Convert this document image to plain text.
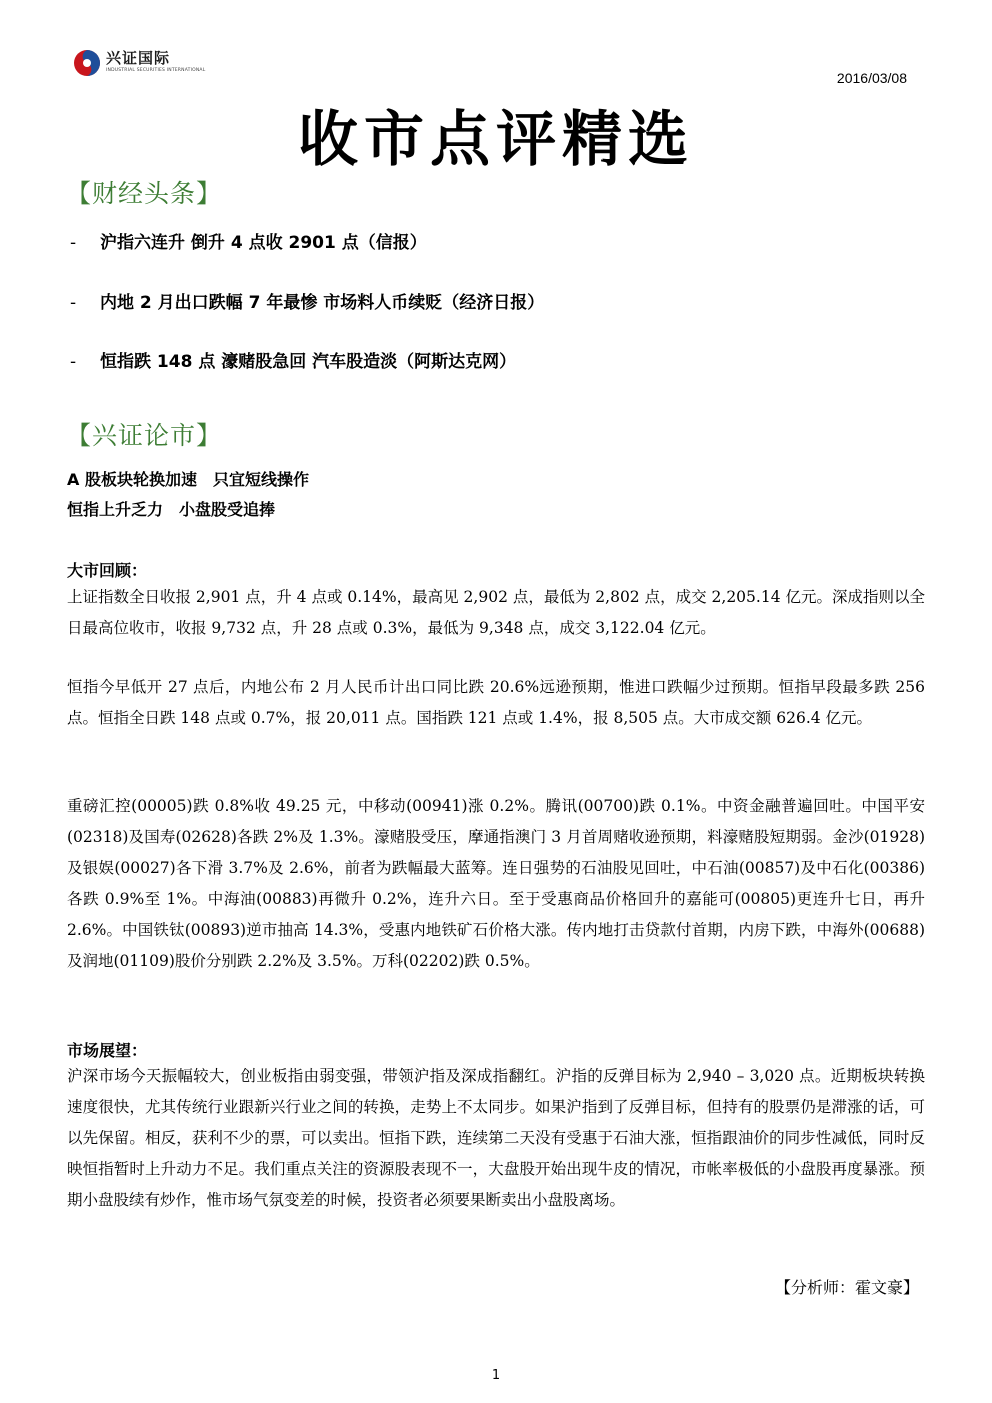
兴证国际
INDUSTRIAL SECURITIES INTERNATIONAL	2016/03/08
收市点评精选
【财经头条】
- 沪指六连升 倒升 4 点收 2901 点（信报）
- 内地 2 月出口跌幅 7 年最惨 市场料人币续贬（经济日报）
- 恒指跌 148 点 濠赌股急回 汽车股造淡（阿斯达克网）
【兴证论市】
A 股板块轮换加速　只宜短线操作
恒指上升乏力　小盘股受追捧
大市回顾：
上证指数全日收报 2,901 点，升 4 点或 0.14%，最高见 2,902 点，最低为 2,802 点，成交 2,205.14 亿元。深成指则以全日最高位收市，收报 9,732 点，升 28 点或 0.3%，最低为 9,348 点，成交 3,122.04 亿元。
恒指今早低开 27 点后，内地公布 2 月人民币计出口同比跌 20.6%远逊预期，惟进口跌幅少过预期。恒指早段最多跌 256 点。恒指全日跌 148 点或 0.7%，报 20,011 点。国指跌 121 点或 1.4%，报 8,505 点。大市成交额 626.4 亿元。
重磅汇控(00005)跌 0.8%收 49.25 元，中移动(00941)涨 0.2%。腾讯(00700)跌 0.1%。中资金融普遍回吐。中国平安(02318)及国寿(02628)各跌 2%及 1.3%。濠赌股受压，摩通指澳门 3 月首周赌收逊预期，料濠赌股短期弱。金沙(01928)及银娱(00027)各下滑 3.7%及 2.6%，前者为跌幅最大蓝筹。连日强势的石油股见回吐，中石油(00857)及中石化(00386)各跌 0.9%至 1%。中海油(00883)再微升 0.2%，连升六日。至于受惠商品价格回升的嘉能可(00805)更连升七日，再升 2.6%。中国铁钛(00893)逆市抽高 14.3%，受惠内地铁矿石价格大涨。传内地打击贷款付首期，内房下跌，中海外(00688)及润地(01109)股价分别跌 2.2%及 3.5%。万科(02202)跌 0.5%。
市场展望：
沪深市场今天振幅较大，创业板指由弱变强，带领沪指及深成指翻红。沪指的反弹目标为 2,940 – 3,020 点。近期板块转换速度很快，尤其传统行业跟新兴行业之间的转换，走势上不太同步。如果沪指到了反弹目标，但持有的股票仍是滞涨的话，可以先保留。相反，获利不少的票，可以卖出。恒指下跌，连续第二天没有受惠于石油大涨，恒指跟油价的同步性减低，同时反映恒指暂时上升动力不足。我们重点关注的资源股表现不一，大盘股开始出现牛皮的情况，市帐率极低的小盘股再度暴涨。预期小盘股续有炒作，惟市场气氛变差的时候，投资者必须要果断卖出小盘股离场。
【分析师：霍文豪】
1
